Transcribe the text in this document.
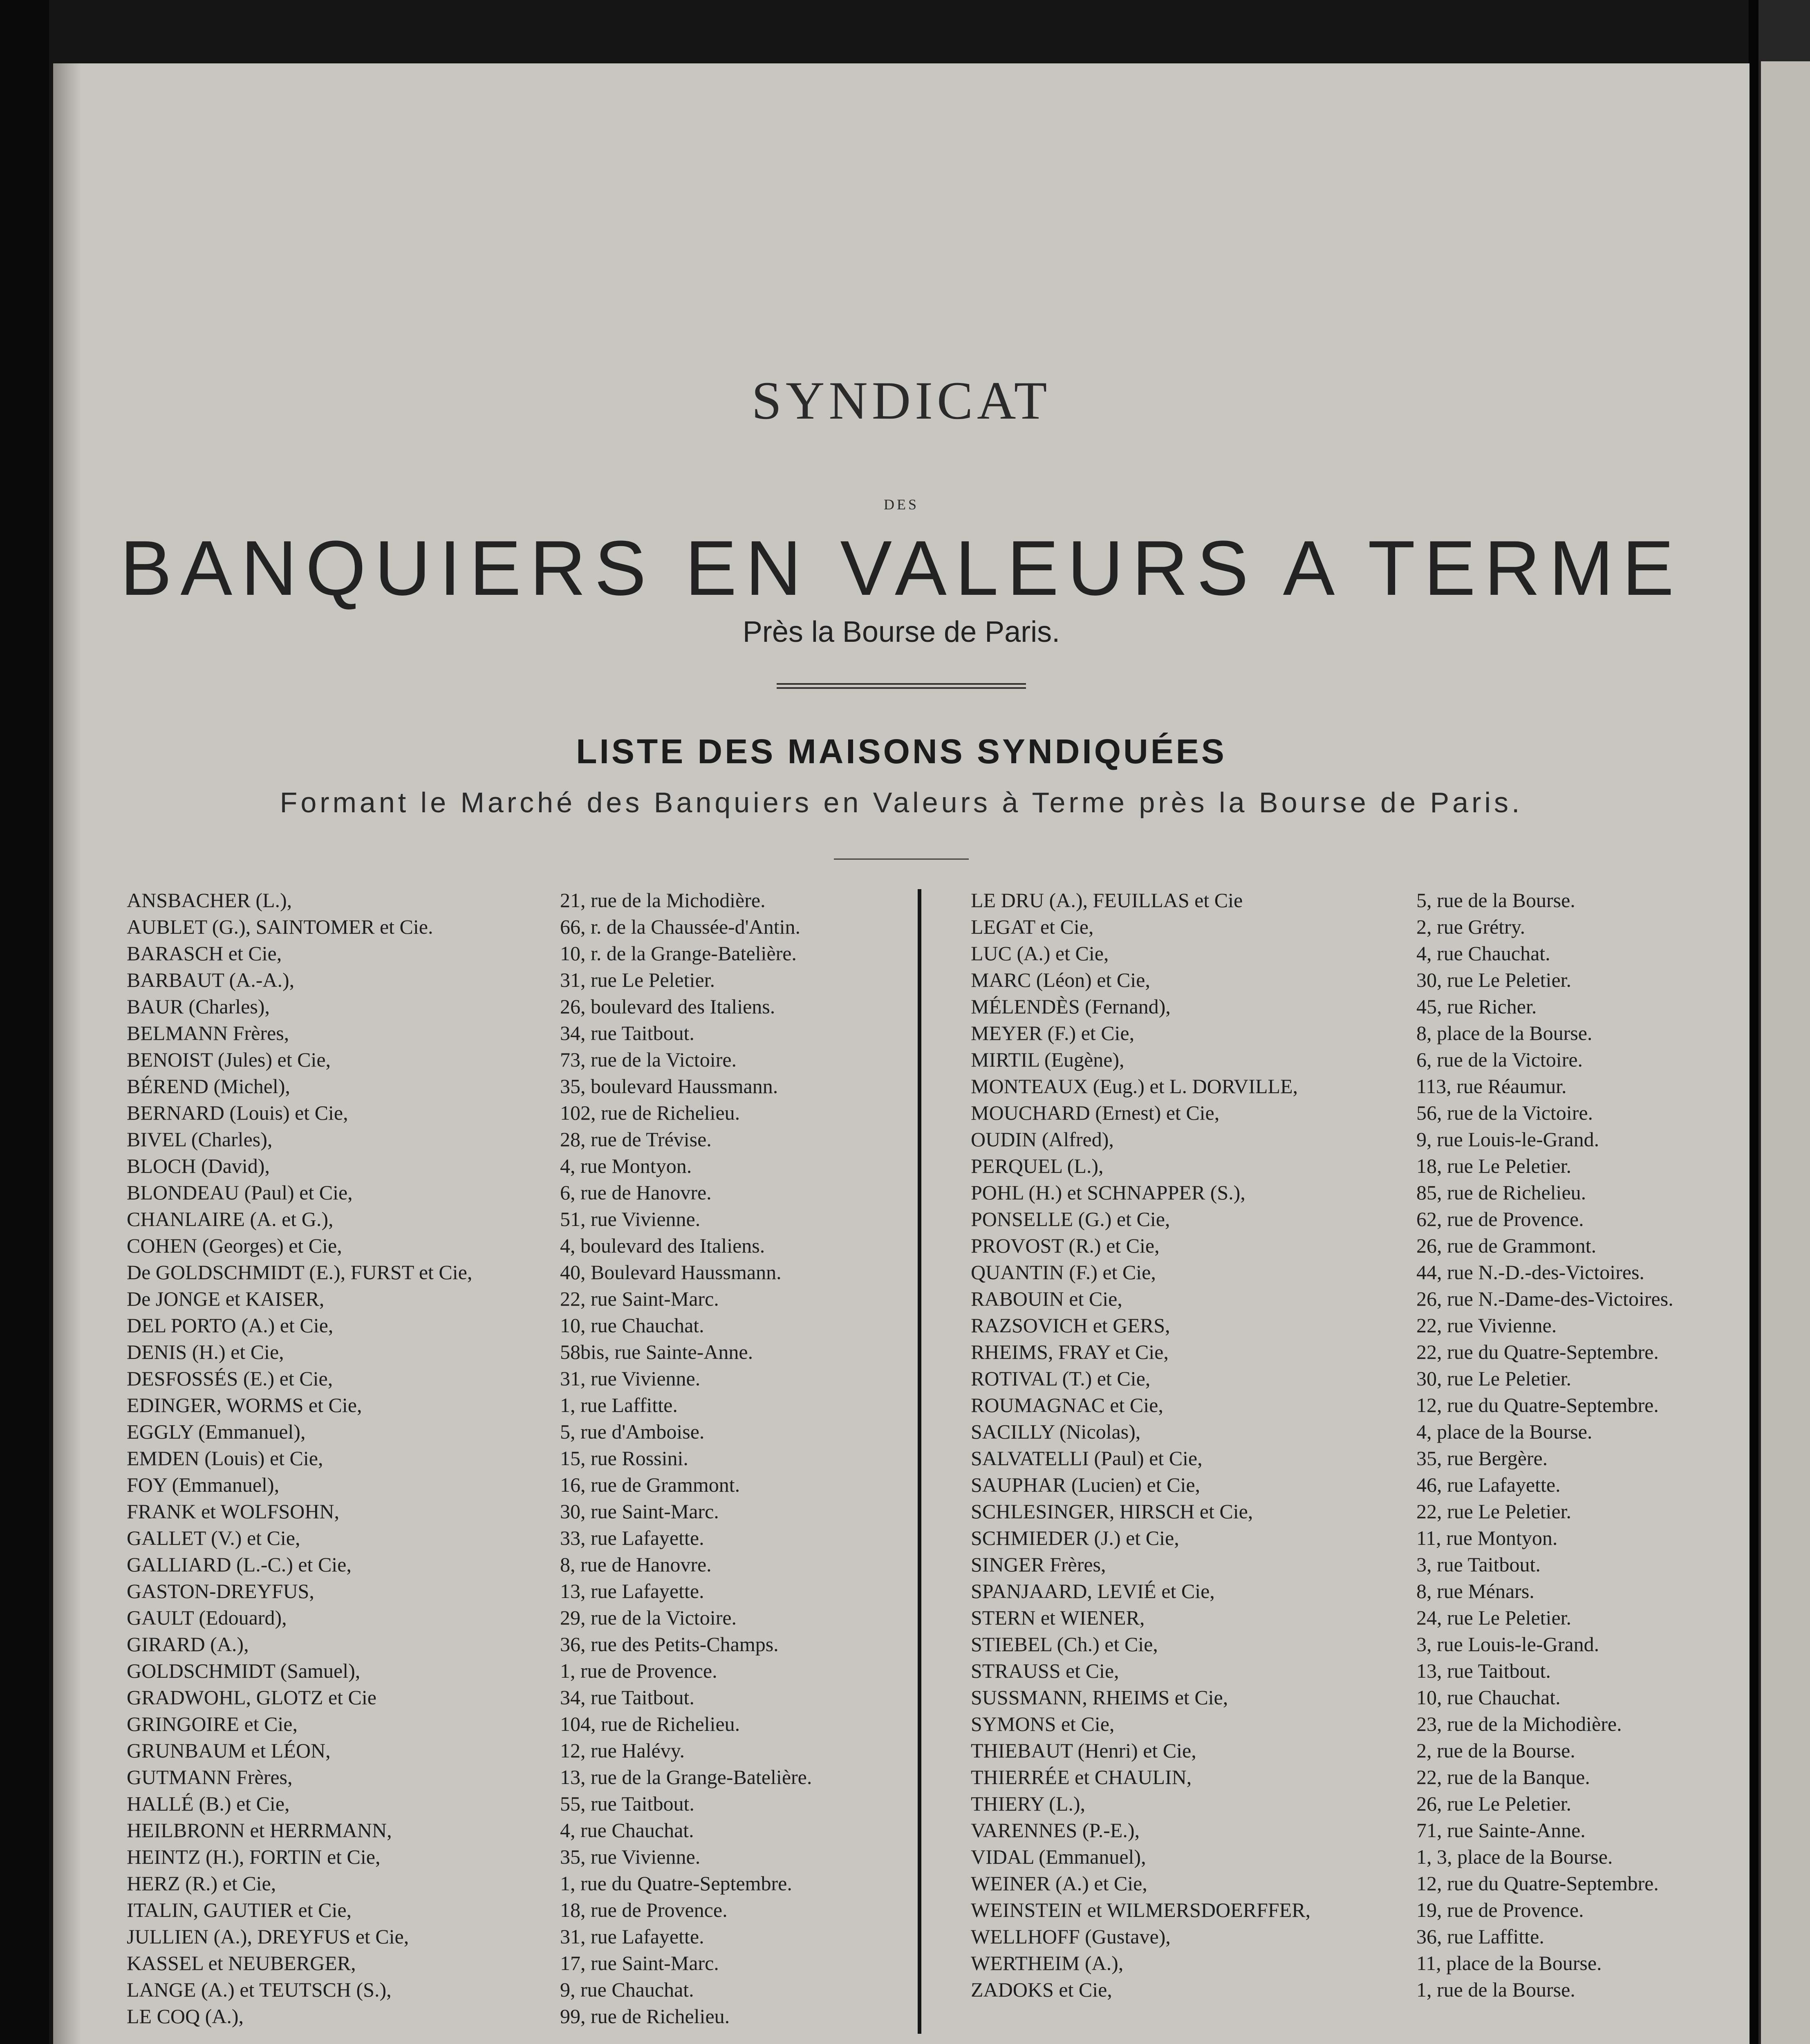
SYNDICAT
DES
BANQUIERS EN VALEURS A TERME
Près la Bourse de Paris.
LISTE DES MAISONS SYNDIQUÉES
Formant le Marché des Banquiers en Valeurs à Terme près la Bourse de Paris.
ANSBACHER (L.),	21, rue de la Michodière.
AUBLET (G.), SAINTOMER et Cie.	66, r. de la Chaussée-d'Antin.
BARASCH et Cie,	10, r. de la Grange-Batelière.
BARBAUT (A.-A.),	31, rue Le Peletier.
BAUR (Charles),	26, boulevard des Italiens.
BELMANN Frères,	34, rue Taitbout.
BENOIST (Jules) et Cie,	73, rue de la Victoire.
BÉREND (Michel),	35, boulevard Haussmann.
BERNARD (Louis) et Cie,	102, rue de Richelieu.
BIVEL (Charles),	28, rue de Trévise.
BLOCH (David),	4, rue Montyon.
BLONDEAU (Paul) et Cie,	6, rue de Hanovre.
CHANLAIRE (A. et G.),	51, rue Vivienne.
COHEN (Georges) et Cie,	4, boulevard des Italiens.
De GOLDSCHMIDT (E.), FURST et Cie,	40, Boulevard Haussmann.
De JONGE et KAISER,	22, rue Saint-Marc.
DEL PORTO (A.) et Cie,	10, rue Chauchat.
DENIS (H.) et Cie,	58bis, rue Sainte-Anne.
DESFOSSÉS (E.) et Cie,	31, rue Vivienne.
EDINGER, WORMS et Cie,	1, rue Laffitte.
EGGLY (Emmanuel),	5, rue d'Amboise.
EMDEN (Louis) et Cie,	15, rue Rossini.
FOY (Emmanuel),	16, rue de Grammont.
FRANK et WOLFSOHN,	30, rue Saint-Marc.
GALLET (V.) et Cie,	33, rue Lafayette.
GALLIARD (L.-C.) et Cie,	8, rue de Hanovre.
GASTON-DREYFUS,	13, rue Lafayette.
GAULT (Edouard),	29, rue de la Victoire.
GIRARD (A.),	36, rue des Petits-Champs.
GOLDSCHMIDT (Samuel),	1, rue de Provence.
GRADWOHL, GLOTZ et Cie	34, rue Taitbout.
GRINGOIRE et Cie,	104, rue de Richelieu.
GRUNBAUM et LÉON,	12, rue Halévy.
GUTMANN Frères,	13, rue de la Grange-Batelière.
HALLÉ (B.) et Cie,	55, rue Taitbout.
HEILBRONN et HERRMANN,	4, rue Chauchat.
HEINTZ (H.), FORTIN et Cie,	35, rue Vivienne.
HERZ (R.) et Cie,	1, rue du Quatre-Septembre.
ITALIN, GAUTIER et Cie,	18, rue de Provence.
JULLIEN (A.), DREYFUS et Cie,	31, rue Lafayette.
KASSEL et NEUBERGER,	17, rue Saint-Marc.
LANGE (A.) et TEUTSCH (S.),	9, rue Chauchat.
LE COQ (A.),	99, rue de Richelieu.
LE DRU (A.), FEUILLAS et Cie	5, rue de la Bourse.
LEGAT et Cie,	2, rue Grétry.
LUC (A.) et Cie,	4, rue Chauchat.
MARC (Léon) et Cie,	30, rue Le Peletier.
MÉLENDÈS (Fernand),	45, rue Richer.
MEYER (F.) et Cie,	8, place de la Bourse.
MIRTIL (Eugène),	6, rue de la Victoire.
MONTEAUX (Eug.) et L. DORVILLE,	113, rue Réaumur.
MOUCHARD (Ernest) et Cie,	56, rue de la Victoire.
OUDIN (Alfred),	9, rue Louis-le-Grand.
PERQUEL (L.),	18, rue Le Peletier.
POHL (H.) et SCHNAPPER (S.),	85, rue de Richelieu.
PONSELLE (G.) et Cie,	62, rue de Provence.
PROVOST (R.) et Cie,	26, rue de Grammont.
QUANTIN (F.) et Cie,	44, rue N.-D.-des-Victoires.
RABOUIN et Cie,	26, rue N.-Dame-des-Victoires.
RAZSOVICH et GERS,	22, rue Vivienne.
RHEIMS, FRAY et Cie,	22, rue du Quatre-Septembre.
ROTIVAL (T.) et Cie,	30, rue Le Peletier.
ROUMAGNAC et Cie,	12, rue du Quatre-Septembre.
SACILLY (Nicolas),	4, place de la Bourse.
SALVATELLI (Paul) et Cie,	35, rue Bergère.
SAUPHAR (Lucien) et Cie,	46, rue Lafayette.
SCHLESINGER, HIRSCH et Cie,	22, rue Le Peletier.
SCHMIEDER (J.) et Cie,	11, rue Montyon.
SINGER Frères,	3, rue Taitbout.
SPANJAARD, LEVIÉ et Cie,	8, rue Ménars.
STERN et WIENER,	24, rue Le Peletier.
STIEBEL (Ch.) et Cie,	3, rue Louis-le-Grand.
STRAUSS et Cie,	13, rue Taitbout.
SUSSMANN, RHEIMS et Cie,	10, rue Chauchat.
SYMONS et Cie,	23, rue de la Michodière.
THIEBAUT (Henri) et Cie,	2, rue de la Bourse.
THIERRÉE et CHAULIN,	22, rue de la Banque.
THIERY (L.),	26, rue Le Peletier.
VARENNES (P.-E.),	71, rue Sainte-Anne.
VIDAL (Emmanuel),	1, 3, place de la Bourse.
WEINER (A.) et Cie,	12, rue du Quatre-Septembre.
WEINSTEIN et WILMERSDOERFFER,	19, rue de Provence.
WELLHOFF (Gustave),	36, rue Laffitte.
WERTHEIM (A.),	11, place de la Bourse.
ZADOKS et Cie,	1, rue de la Bourse.
